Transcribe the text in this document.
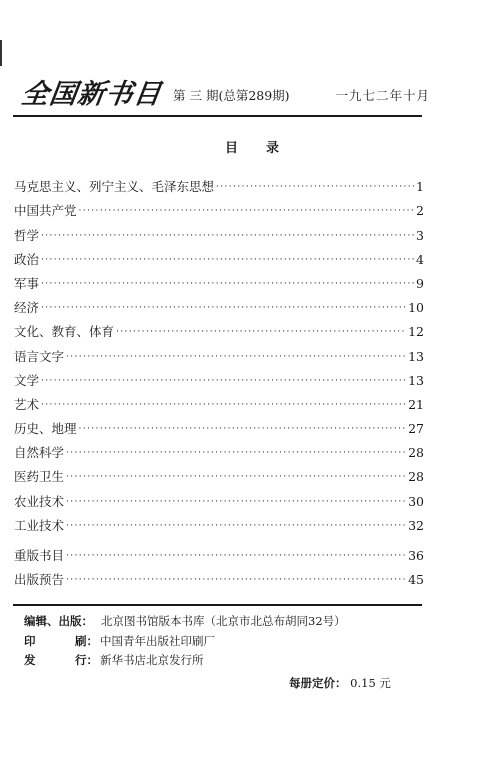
全国新书目 第 三 期(总第289期)	一九七二年十月
目录
马克思主义、列宁主义、毛泽东思想 ·····	1
中国共产党 ·····	2
哲学 ·····	3
政治 ·····	4
军事 ·····	9
经济 ·····	10
文化、教育、体育 ·····	12
语言文字 ·····	13
文学 ·····	13
艺术 ·····	21
历史、地理 ·····	27
自然科学 ·····	28
医药卫生 ·····	28
农业技术 ·····	30
工业技术 ·····	32
重版书目 ·····	36
出版预告 ·····	45
编辑、出版： 北京图书馆版本书库（北京市北总布胡同32号）
印	刷： 中国青年出版社印刷厂
发	行： 新华书店北京发行所
每册定价： 0.15 元
